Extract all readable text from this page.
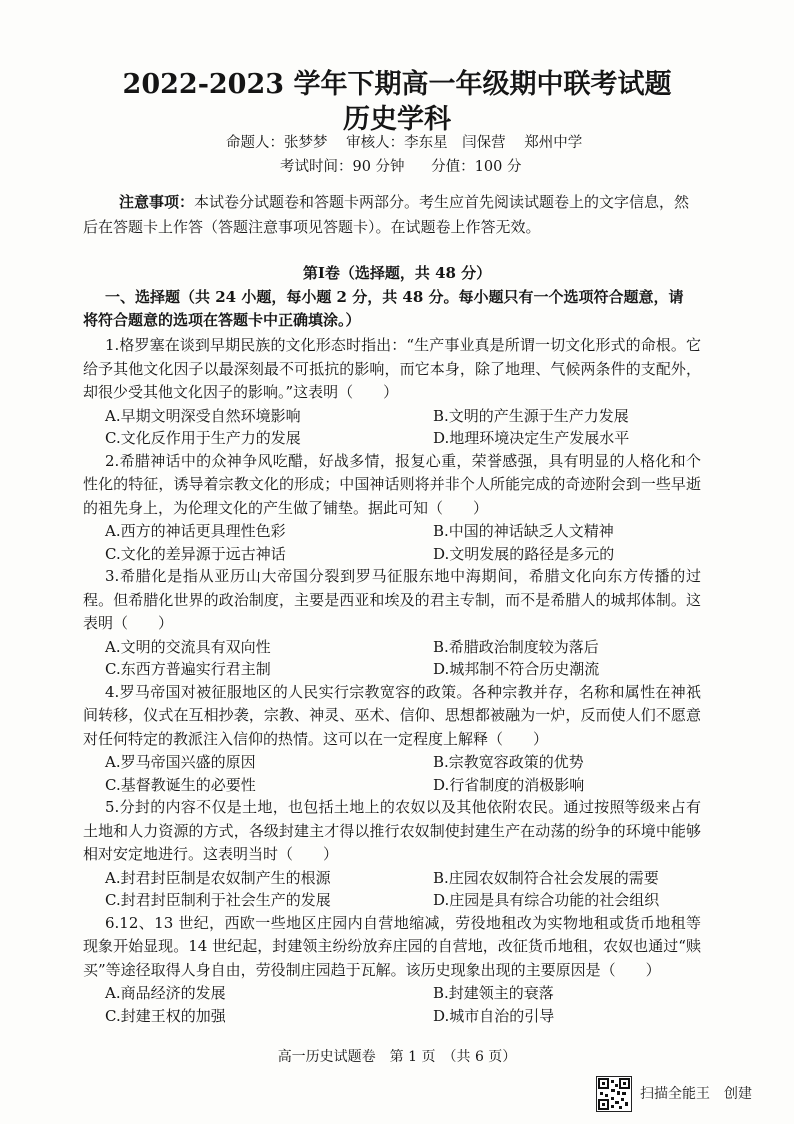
2022-2023 学年下期高一年级期中联考试题
历史学科
命题人：张梦梦 审核人：李东星　闫保营 郑州中学
考试时间：90 分钟 分值：100 分
注意事项：本试卷分试题卷和答题卡两部分。考生应首先阅读试题卷上的文字信息，然后在答题卡上作答（答题注意事项见答题卡）。在试题卷上作答无效。
第Ⅰ卷（选择题，共 48 分）
一、选择题（共 24 小题，每小题 2 分，共 48 分。每小题只有一个选项符合题意，请将符合题意的选项在答题卡中正确填涂。）
1.格罗塞在谈到早期民族的文化形态时指出：“生产事业真是所谓一切文化形式的命根。它给予其他文化因子以最深刻最不可抵抗的影响，而它本身，除了地理、气候两条件的支配外，却很少受其他文化因子的影响。”这表明（　　）
A.早期文明深受自然环境影响	B.文明的产生源于生产力发展
C.文化反作用于生产力的发展	D.地理环境决定生产发展水平
2.希腊神话中的众神争风吃醋，好战多情，报复心重，荣誉感强，具有明显的人格化和个性化的特征，诱导着宗教文化的形成；中国神话则将并非个人所能完成的奇迹附会到一些早逝的祖先身上，为伦理文化的产生做了铺垫。据此可知（　　）
A.西方的神话更具理性色彩	B.中国的神话缺乏人文精神
C.文化的差异源于远古神话	D.文明发展的路径是多元的
3.希腊化是指从亚历山大帝国分裂到罗马征服东地中海期间，希腊文化向东方传播的过程。但希腊化世界的政治制度，主要是西亚和埃及的君主专制，而不是希腊人的城邦体制。这表明（　　）
A.文明的交流具有双向性	B.希腊政治制度较为落后
C.东西方普遍实行君主制	D.城邦制不符合历史潮流
4.罗马帝国对被征服地区的人民实行宗教宽容的政策。各种宗教并存，名称和属性在神祇间转移，仪式在互相抄袭，宗教、神灵、巫术、信仰、思想都被融为一炉，反而使人们不愿意对任何特定的教派注入信仰的热情。这可以在一定程度上解释（　　）
A.罗马帝国兴盛的原因	B.宗教宽容政策的优势
C.基督教诞生的必要性	D.行省制度的消极影响
5.分封的内容不仅是土地，也包括土地上的农奴以及其他依附农民。通过按照等级来占有土地和人力资源的方式，各级封建主才得以推行农奴制使封建生产在动荡的纷争的环境中能够相对安定地进行。这表明当时（　　）
A.封君封臣制是农奴制产生的根源	B.庄园农奴制符合社会发展的需要
C.封君封臣制利于社会生产的发展	D.庄园是具有综合功能的社会组织
6.12、13 世纪，西欧一些地区庄园内自营地缩减，劳役地租改为实物地租或货币地租等现象开始显现。14 世纪起，封建领主纷纷放弃庄园的自营地，改征货币地租，农奴也通过“赎买”等途径取得人身自由，劳役制庄园趋于瓦解。该历史现象出现的主要原因是（　　）
A.商品经济的发展	B.封建领主的衰落
C.封建王权的加强	D.城市自治的引导
高一历史试题卷　第 1 页　（共 6 页）
扫描全能王　创建
